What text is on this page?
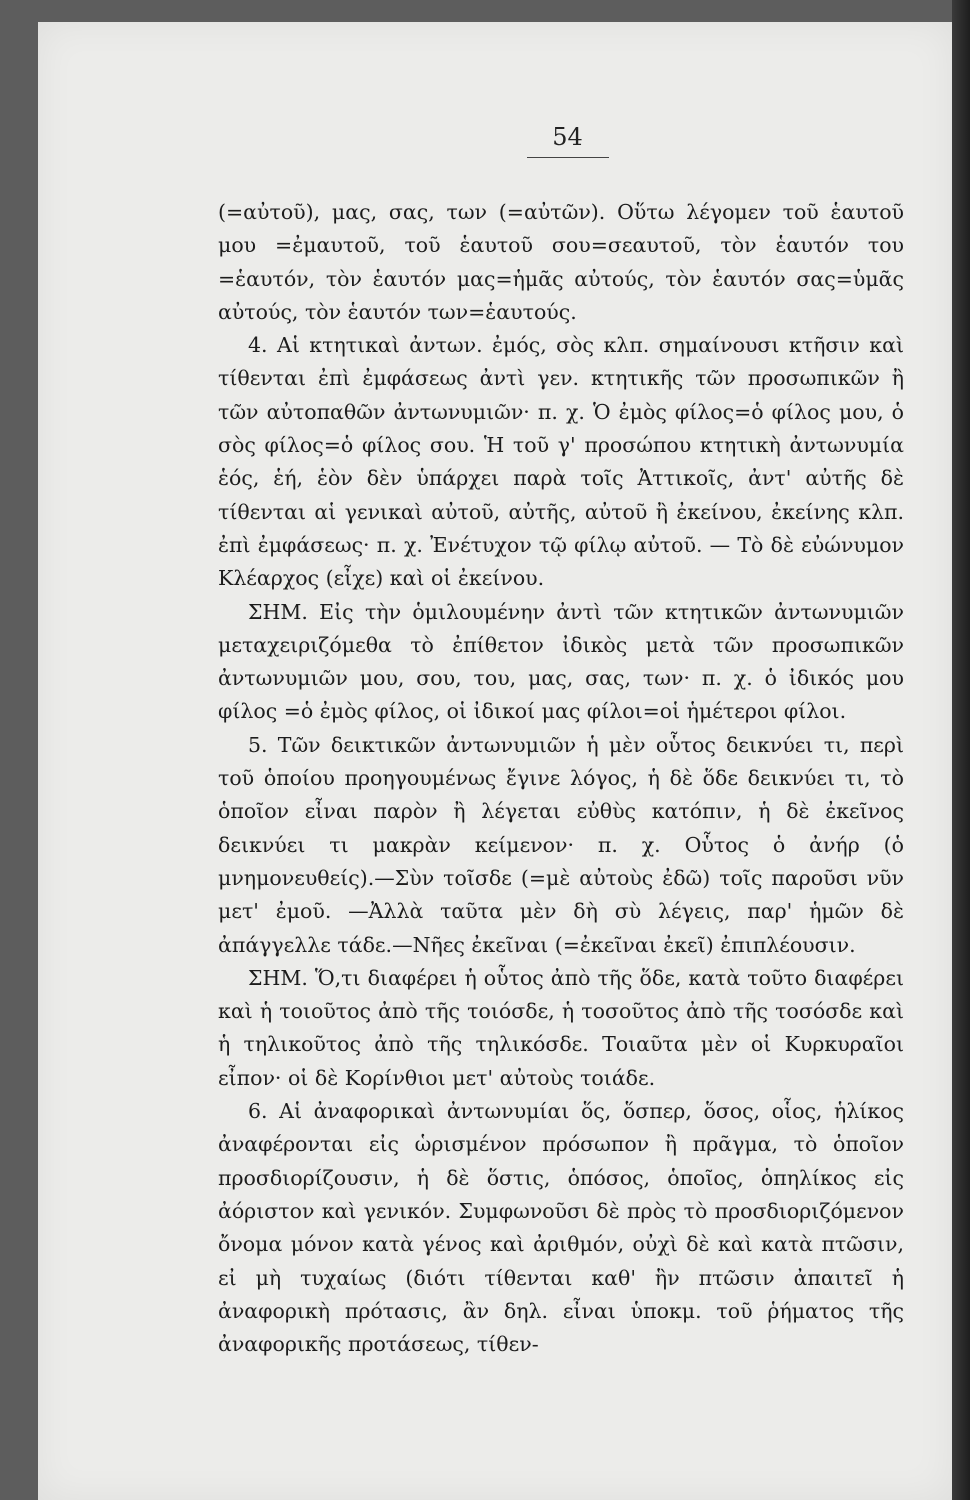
54

(=αὐτοῦ), μας, σας, των (=αὐτῶν). Οὕτω λέγομεν τοῦ ἑαυτοῦ μου =ἐμαυτοῦ, τοῦ ἑαυτοῦ σου=σεαυτοῦ, τὸν ἑαυτόν του =ἑαυτόν, τὸν ἑαυτόν μας=ἡμᾶς αὐτούς, τὸν ἑαυτόν σας=ὑμᾶς αὐτούς, τὸν ἑαυτόν των=ἑαυτούς.

4. Αἱ κτητικαὶ ἀντων. ἐμός, σὸς κλπ. σημαίνουσι κτῆσιν καὶ τίθενται ἐπὶ ἐμφάσεως ἀντὶ γεν. κτητικῆς τῶν προσωπικῶν ἢ τῶν αὐτοπαθῶν ἀντωνυμιῶν· π. χ. Ὁ ἐμὸς φίλος=ὁ φίλος μου, ὁ σὸς φίλος=ὁ φίλος σου. Ἡ τοῦ γ' προσώπου κτητικὴ ἀντωνυμία ἑός, ἑή, ἑὸν δὲν ὑπάρχει παρὰ τοῖς Ἀττικοῖς, ἀντ' αὐτῆς δὲ τίθενται αἱ γενικαὶ αὐτοῦ, αὐτῆς, αὐτοῦ ἢ ἐκείνου, ἐκείνης κλπ. ἐπὶ ἐμφάσεως· π. χ. Ἐνέτυχον τῷ φίλῳ αὐτοῦ. — Τὸ δὲ εὐώνυμον Κλέαρχος (εἶχε) καὶ οἱ ἐκείνου.

ΣΗΜ. Εἰς τὴν ὁμιλουμένην ἀντὶ τῶν κτητικῶν ἀντωνυμιῶν μεταχειριζόμεθα τὸ ἐπίθετον ἰδικὸς μετὰ τῶν προσωπικῶν ἀντωνυμιῶν μου, σου, του, μας, σας, των· π. χ. ὁ ἰδικός μου φίλος =ὁ ἐμὸς φίλος, οἱ ἰδικοί μας φίλοι=οἱ ἡμέτεροι φίλοι.

5. Τῶν δεικτικῶν ἀντωνυμιῶν ἡ μὲν οὗτος δεικνύει τι, περὶ τοῦ ὁποίου προηγουμένως ἔγινε λόγος, ἡ δὲ ὅδε δεικνύει τι, τὸ ὁποῖον εἶναι παρὸν ἢ λέγεται εὐθὺς κατόπιν, ἡ δὲ ἐκεῖνος δεικνύει τι μακρὰν κείμενον· π. χ. Οὗτος ὁ ἀνήρ (ὁ μνημονευθείς).—Σὺν τοῖσδε (=μὲ αὐτοὺς ἐδῶ) τοῖς παροῦσι νῦν μετ' ἐμοῦ. —Ἀλλὰ ταῦτα μὲν δὴ σὺ λέγεις, παρ' ἡμῶν δὲ ἀπάγγελλε τάδε.—Νῆες ἐκεῖναι (=ἐκεῖναι ἐκεῖ) ἐπιπλέουσιν.

ΣΗΜ. Ὅ,τι διαφέρει ἡ οὗτος ἀπὸ τῆς ὅδε, κατὰ τοῦτο διαφέρει καὶ ἡ τοιοῦτος ἀπὸ τῆς τοιόσδε, ἡ τοσοῦτος ἀπὸ τῆς τοσόσδε καὶ ἡ τηλικοῦτος ἀπὸ τῆς τηλικόσδε. Τοιαῦτα μὲν οἱ Κυρκυραῖοι εἶπον· οἱ δὲ Κορίνθιοι μετ' αὐτοὺς τοιάδε.

6. Αἱ ἀναφορικαὶ ἀντωνυμίαι ὅς, ὅσπερ, ὅσος, οἷος, ἡλίκος ἀναφέρονται εἰς ὡρισμένον πρόσωπον ἢ πρᾶγμα, τὸ ὁποῖον προσδιορίζουσιν, ἡ δὲ ὅστις, ὁπόσος, ὁποῖος, ὁπηλίκος εἰς ἀόριστον καὶ γενικόν. Συμφωνοῦσι δὲ πρὸς τὸ προσδιοριζόμενον ὄνομα μόνον κατὰ γένος καὶ ἀριθμόν, οὐχὶ δὲ καὶ κατὰ πτῶσιν, εἰ μὴ τυχαίως (διότι τίθενται καθ' ἣν πτῶσιν ἀπαιτεῖ ἡ ἀναφορικὴ πρότασις, ἂν δηλ. εἶναι ὑποκμ. τοῦ ῥήματος τῆς ἀναφορικῆς προτάσεως, τίθεν-
